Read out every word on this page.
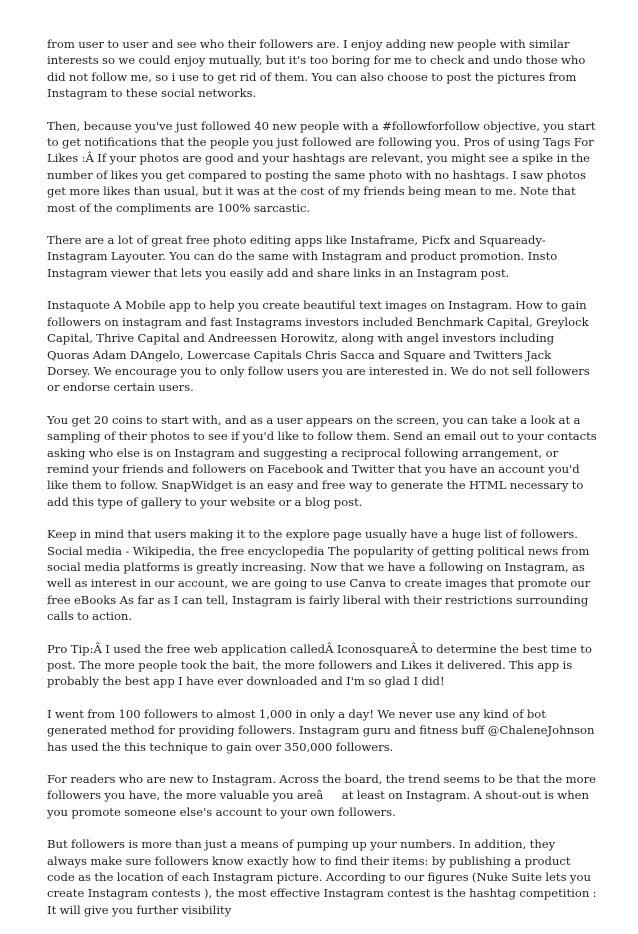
from user to user and see who their followers are. I enjoy adding new people with similar interests so we could enjoy mutually, but it's too boring for me to check and undo those who did not follow me, so i use to get rid of them. You can also choose to post the pictures from Instagram to these social networks.

Then, because you've just followed 40 new people with a #followforfollow objective, you start to get notifications that the people you just followed are following you. Pros of using Tags For Likes :Â If your photos are good and your hashtags are relevant, you might see a spike in the number of likes you get compared to posting the same photo with no hashtags. I saw photos get more likes than usual, but it was at the cost of my friends being mean to me. Note that most of the compliments are 100% sarcastic.

There are a lot of great free photo editing apps like Instaframe, Picfx and Squaready-Instagram Layouter. You can do the same with Instagram and product promotion. Insto Instagram viewer that lets you easily add and share links in an Instagram post.

Instaquote A Mobile app to help you create beautiful text images on Instagram. How to gain followers on instagram and fast Instagrams investors included Benchmark Capital, Greylock Capital, Thrive Capital and Andreessen Horowitz, along with angel investors including Quoras Adam DAngelo, Lowercase Capitals Chris Sacca and Square and Twitters Jack Dorsey. We encourage you to only follow users you are interested in. We do not sell followers or endorse certain users.

You get 20 coins to start with, and as a user appears on the screen, you can take a look at a sampling of their photos to see if you'd like to follow them. Send an email out to your contacts asking who else is on Instagram and suggesting a reciprocal following arrangement, or remind your friends and followers on Facebook and Twitter that you have an account you'd like them to follow. SnapWidget is an easy and free way to generate the HTML necessary to add this type of gallery to your website or a blog post.

Keep in mind that users making it to the explore page usually have a huge list of followers. Social media - Wikipedia, the free encyclopedia The popularity of getting political news from social media platforms is greatly increasing. Now that we have a following on Instagram, as well as interest in our account, we are going to use Canva to create images that promote our free eBooks As far as I can tell, Instagram is fairly liberal with their restrictions surrounding calls to action.

Pro Tip:Â I used the free web application calledÂ IconosquareÂ to determine the best time to post. The more people took the bait, the more followers and Likes it delivered. This app is probably the best app I have ever downloaded and I'm so glad I did!

I went from 100 followers to almost 1,000 in only a day! We never use any kind of bot generated method for providing followers. Instagram guru and fitness buff @ChaleneJohnson has used the this technique to gain over 350,000 followers.

For readers who are new to Instagram. Across the board, the trend seems to be that the more followers you have, the more valuable you areâat least on Instagram. A shout-out is when you promote someone else's account to your own followers.

But followers is more than just a means of pumping up your numbers. In addition, they always make sure followers know exactly how to find their items: by publishing a product code as the location of each Instagram picture. According to our figures (Nuke Suite lets you create Instagram contests ), the most effective Instagram contest is the hashtag competition : It will give you further visibility
